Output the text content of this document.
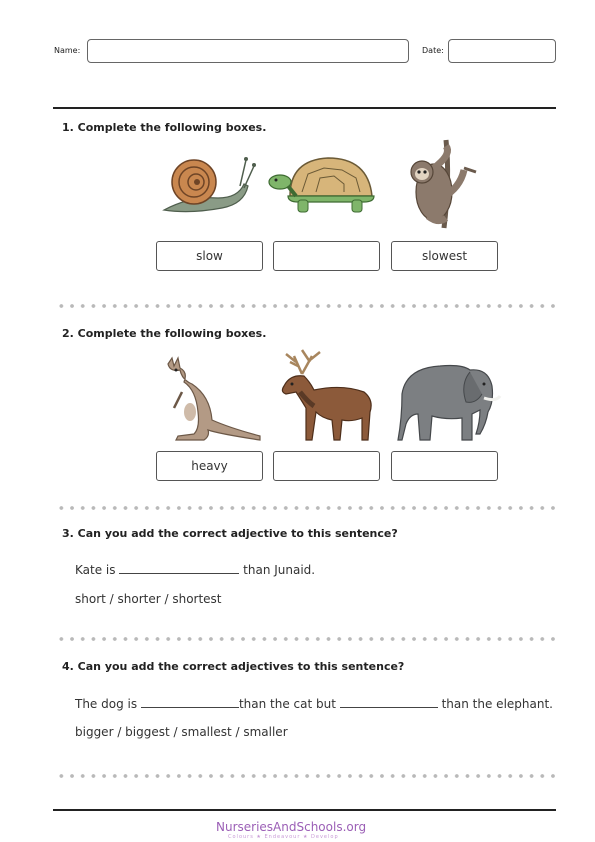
Name:	Date:
1. Complete the following boxes.
slow	slowest
2. Complete the following boxes.
heavy
3. Can you add the correct adjective to this sentence?
Kate is	than Junaid.
short / shorter / shortest
4. Can you add the correct adjectives to this sentence?
The dog is	than the cat but	than the elephant.
bigger / biggest / smallest / smaller
NurseriesAndSchools.org
Colours ★ Endeavour ★ Develop
